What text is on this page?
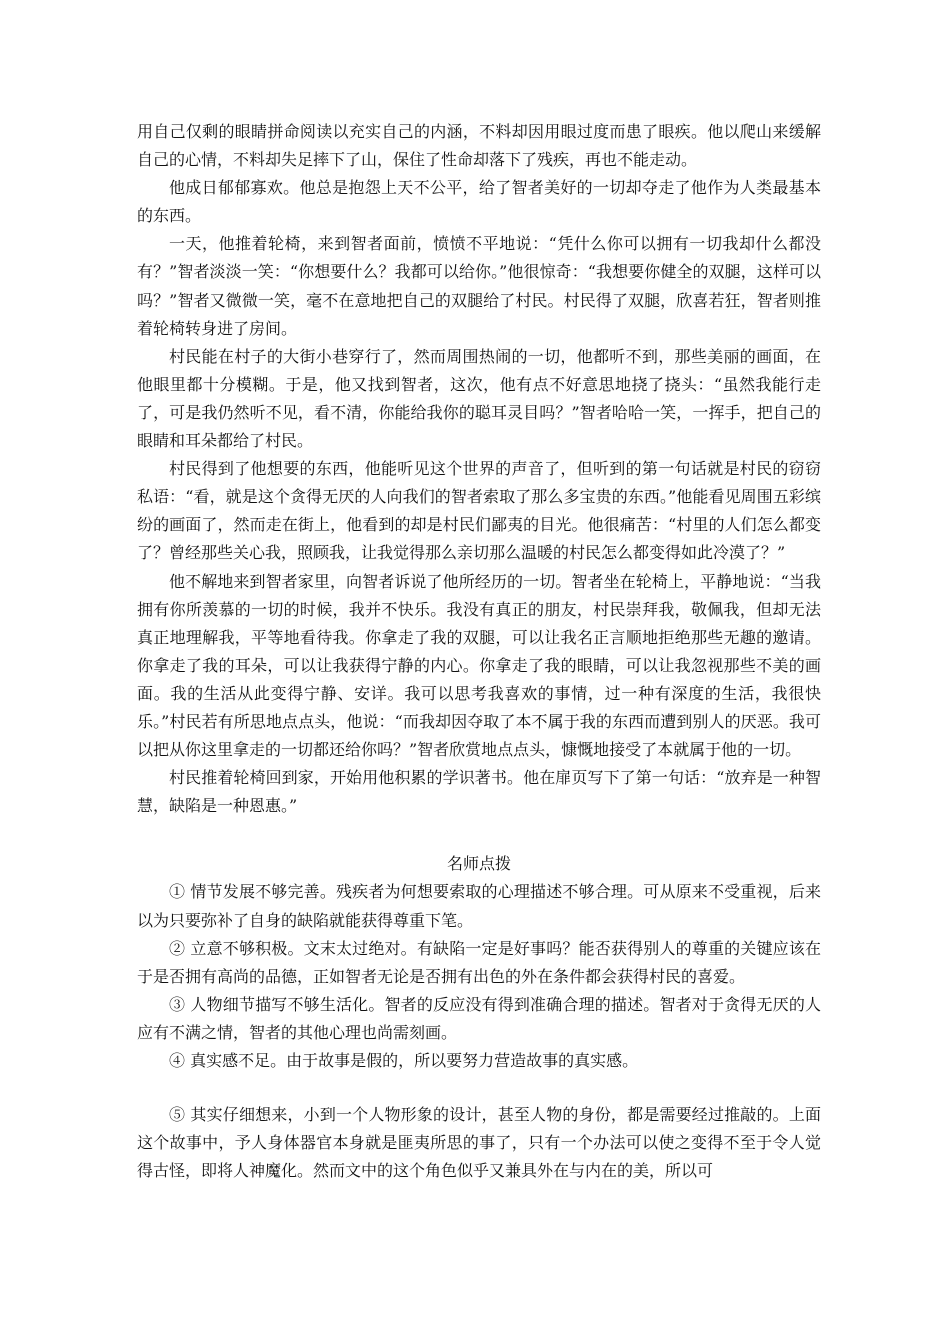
用自己仅剩的眼睛拼命阅读以充实自己的内涵，不料却因用眼过度而患了眼疾。他以爬山来缓解自己的心情，不料却失足摔下了山，保住了性命却落下了残疾，再也不能走动。

他成日郁郁寡欢。他总是抱怨上天不公平，给了智者美好的一切却夺走了他作为人类最基本的东西。

一天，他推着轮椅，来到智者面前，愤愤不平地说：“凭什么你可以拥有一切我却什么都没有？”智者淡淡一笑：“你想要什么？我都可以给你。”他很惊奇：“我想要你健全的双腿，这样可以吗？”智者又微微一笑，毫不在意地把自己的双腿给了村民。村民得了双腿，欣喜若狂，智者则推着轮椅转身进了房间。

村民能在村子的大街小巷穿行了，然而周围热闹的一切，他都听不到，那些美丽的画面，在他眼里都十分模糊。于是，他又找到智者，这次，他有点不好意思地挠了挠头：“虽然我能行走了，可是我仍然听不见，看不清，你能给我你的聪耳灵目吗？”智者哈哈一笑，一挥手，把自己的眼睛和耳朵都给了村民。

村民得到了他想要的东西，他能听见这个世界的声音了，但听到的第一句话就是村民的窃窃私语：“看，就是这个贪得无厌的人向我们的智者索取了那么多宝贵的东西。”他能看见周围五彩缤纷的画面了，然而走在街上，他看到的却是村民们鄙夷的目光。他很痛苦：“村里的人们怎么都变了？曾经那些关心我，照顾我，让我觉得那么亲切那么温暖的村民怎么都变得如此冷漠了？”

他不解地来到智者家里，向智者诉说了他所经历的一切。智者坐在轮椅上，平静地说：“当我拥有你所羡慕的一切的时候，我并不快乐。我没有真正的朋友，村民崇拜我，敬佩我，但却无法真正地理解我，平等地看待我。你拿走了我的双腿，可以让我名正言顺地拒绝那些无趣的邀请。你拿走了我的耳朵，可以让我获得宁静的内心。你拿走了我的眼睛，可以让我忽视那些不美的画面。我的生活从此变得宁静、安详。我可以思考我喜欢的事情，过一种有深度的生活，我很快乐。”村民若有所思地点点头，他说：“而我却因夺取了本不属于我的东西而遭到别人的厌恶。我可以把从你这里拿走的一切都还给你吗？”智者欣赏地点点头，慷慨地接受了本就属于他的一切。

村民推着轮椅回到家，开始用他积累的学识著书。他在扉页写下了第一句话：“放弃是一种智慧，缺陷是一种恩惠。”

名师点拨

① 情节发展不够完善。残疾者为何想要索取的心理描述不够合理。可从原来不受重视，后来以为只要弥补了自身的缺陷就能获得尊重下笔。

② 立意不够积极。文末太过绝对。有缺陷一定是好事吗？能否获得别人的尊重的关键应该在于是否拥有高尚的品德，正如智者无论是否拥有出色的外在条件都会获得村民的喜爱。

③ 人物细节描写不够生活化。智者的反应没有得到准确合理的描述。智者对于贪得无厌的人应有不满之情，智者的其他心理也尚需刻画。

④ 真实感不足。由于故事是假的，所以要努力营造故事的真实感。

⑤ 其实仔细想来，小到一个人物形象的设计，甚至人物的身份，都是需要经过推敲的。上面这个故事中，予人身体器官本身就是匪夷所思的事了，只有一个办法可以使之变得不至于令人觉得古怪，即将人神魔化。然而文中的这个角色似乎又兼具外在与内在的美，所以可
